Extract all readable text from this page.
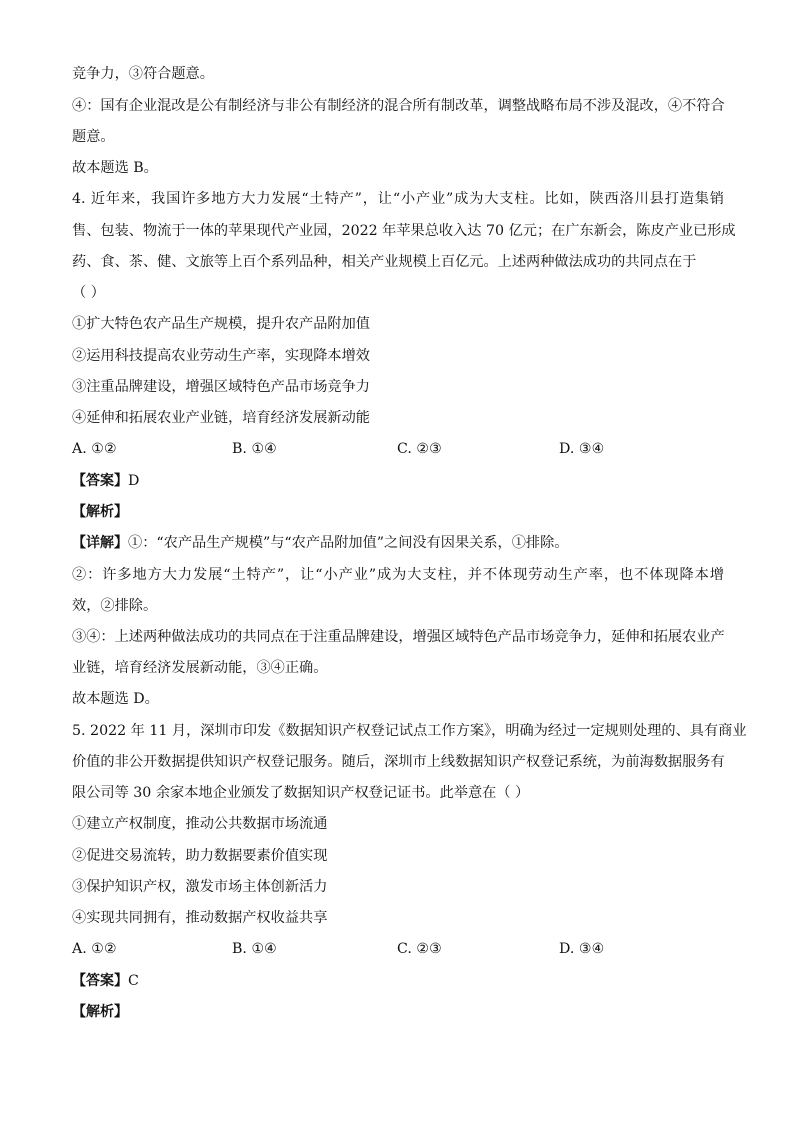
竞争力，③符合题意。
④：国有企业混改是公有制经济与非公有制经济的混合所有制改革，调整战略布局不涉及混改，④不符合
题意。
故本题选 B。
4. 近年来，我国许多地方大力发展“土特产”，让“小产业”成为大支柱。比如，陕西洛川县打造集销
售、包装、物流于一体的苹果现代产业园，2022 年苹果总收入达 70 亿元；在广东新会，陈皮产业已形成
药、食、茶、健、文旅等上百个系列品种，相关产业规模上百亿元。上述两种做法成功的共同点在于
（ ）
①扩大特色农产品生产规模，提升农产品附加值
②运用科技提高农业劳动生产率，实现降本增效
③注重品牌建设，增强区域特色产品市场竞争力
④延伸和拓展农业产业链，培育经济发展新动能
A. ①②	B. ①④	C. ②③	D. ③④
【答案】D
【解析】
【详解】①：“农产品生产规模”与“农产品附加值”之间没有因果关系，①排除。
②：许多地方大力发展“土特产”，让“小产业”成为大支柱，并不体现劳动生产率，也不体现降本增
效，②排除。
③④：上述两种做法成功的共同点在于注重品牌建设，增强区域特色产品市场竞争力，延伸和拓展农业产
业链，培育经济发展新动能，③④正确。
故本题选 D。
5. 2022 年 11 月，深圳市印发《数据知识产权登记试点工作方案》，明确为经过一定规则处理的、具有商业
价值的非公开数据提供知识产权登记服务。随后，深圳市上线数据知识产权登记系统，为前海数据服务有
限公司等 30 余家本地企业颁发了数据知识产权登记证书。此举意在（ ）
①建立产权制度，推动公共数据市场流通
②促进交易流转，助力数据要素价值实现
③保护知识产权，激发市场主体创新活力
④实现共同拥有，推动数据产权收益共享
A. ①②	B. ①④	C. ②③	D. ③④
【答案】C
【解析】
